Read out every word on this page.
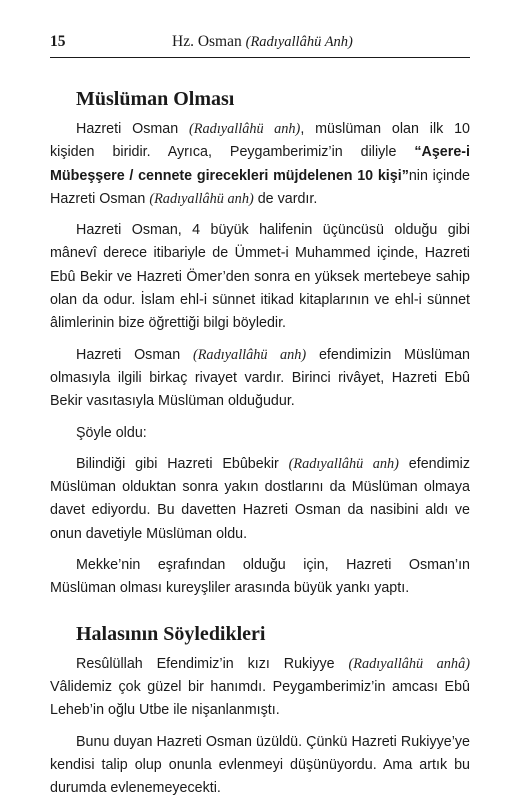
15	Hz. Osman (Radıyallâhü Anh)
Müslüman Olması

Hazreti Osman (Radıyallâhü anh), müslüman olan ilk 10 kişiden biridir. Ayrıca, Peygamberimiz’in diliyle “Aşere-i Mübeşşere / cennete girecekleri müjdelenen 10 kişi”nin içinde Hazreti Osman (Radıyallâhü anh) de vardır.

Hazreti Osman, 4 büyük halifenin üçüncüsü olduğu gibi mânevî derece itibariyle de Ümmet-i Muhammed içinde, Hazreti Ebû Bekir ve Hazreti Ömer’den sonra en yüksek mertebeye sahip olan da odur. İslam ehl-i sünnet itikad kitaplarının ve ehl-i sünnet âlimlerinin bize öğrettiği bilgi böyledir.

Hazreti Osman (Radıyallâhü anh) efendimizin Müslüman olmasıyla ilgili birkaç rivayet vardır. Birinci rivâyet, Hazreti Ebû Bekir vasıtasıyla Müslüman olduğudur.

Şöyle oldu:

Bilindiği gibi Hazreti Ebûbekir (Radıyallâhü anh) efendimiz Müslüman olduktan sonra yakın dostlarını da Müslüman olmaya davet ediyordu. Bu davetten Hazreti Osman da nasibini aldı ve onun davetiyle Müslüman oldu.

Mekke’nin eşrafından olduğu için, Hazreti Osman’ın Müslüman olması kureyşliler arasında büyük yankı yaptı.

Halasının Söyledikleri

Resûlüllah Efendimiz’in kızı Rukiyye (Radıyallâhü anhâ) Vâlidemiz çok güzel bir hanımdı. Peygamberimiz’in amcası Ebû Leheb’in oğlu Utbe ile nişanlanmıştı.

Bunu duyan Hazreti Osman üzüldü. Çünkü Hazreti Rukiyye’ye kendisi talip olup onunla evlenmeyi düşünüyordu. Ama artık bu durumda evlenemeyecekti.
